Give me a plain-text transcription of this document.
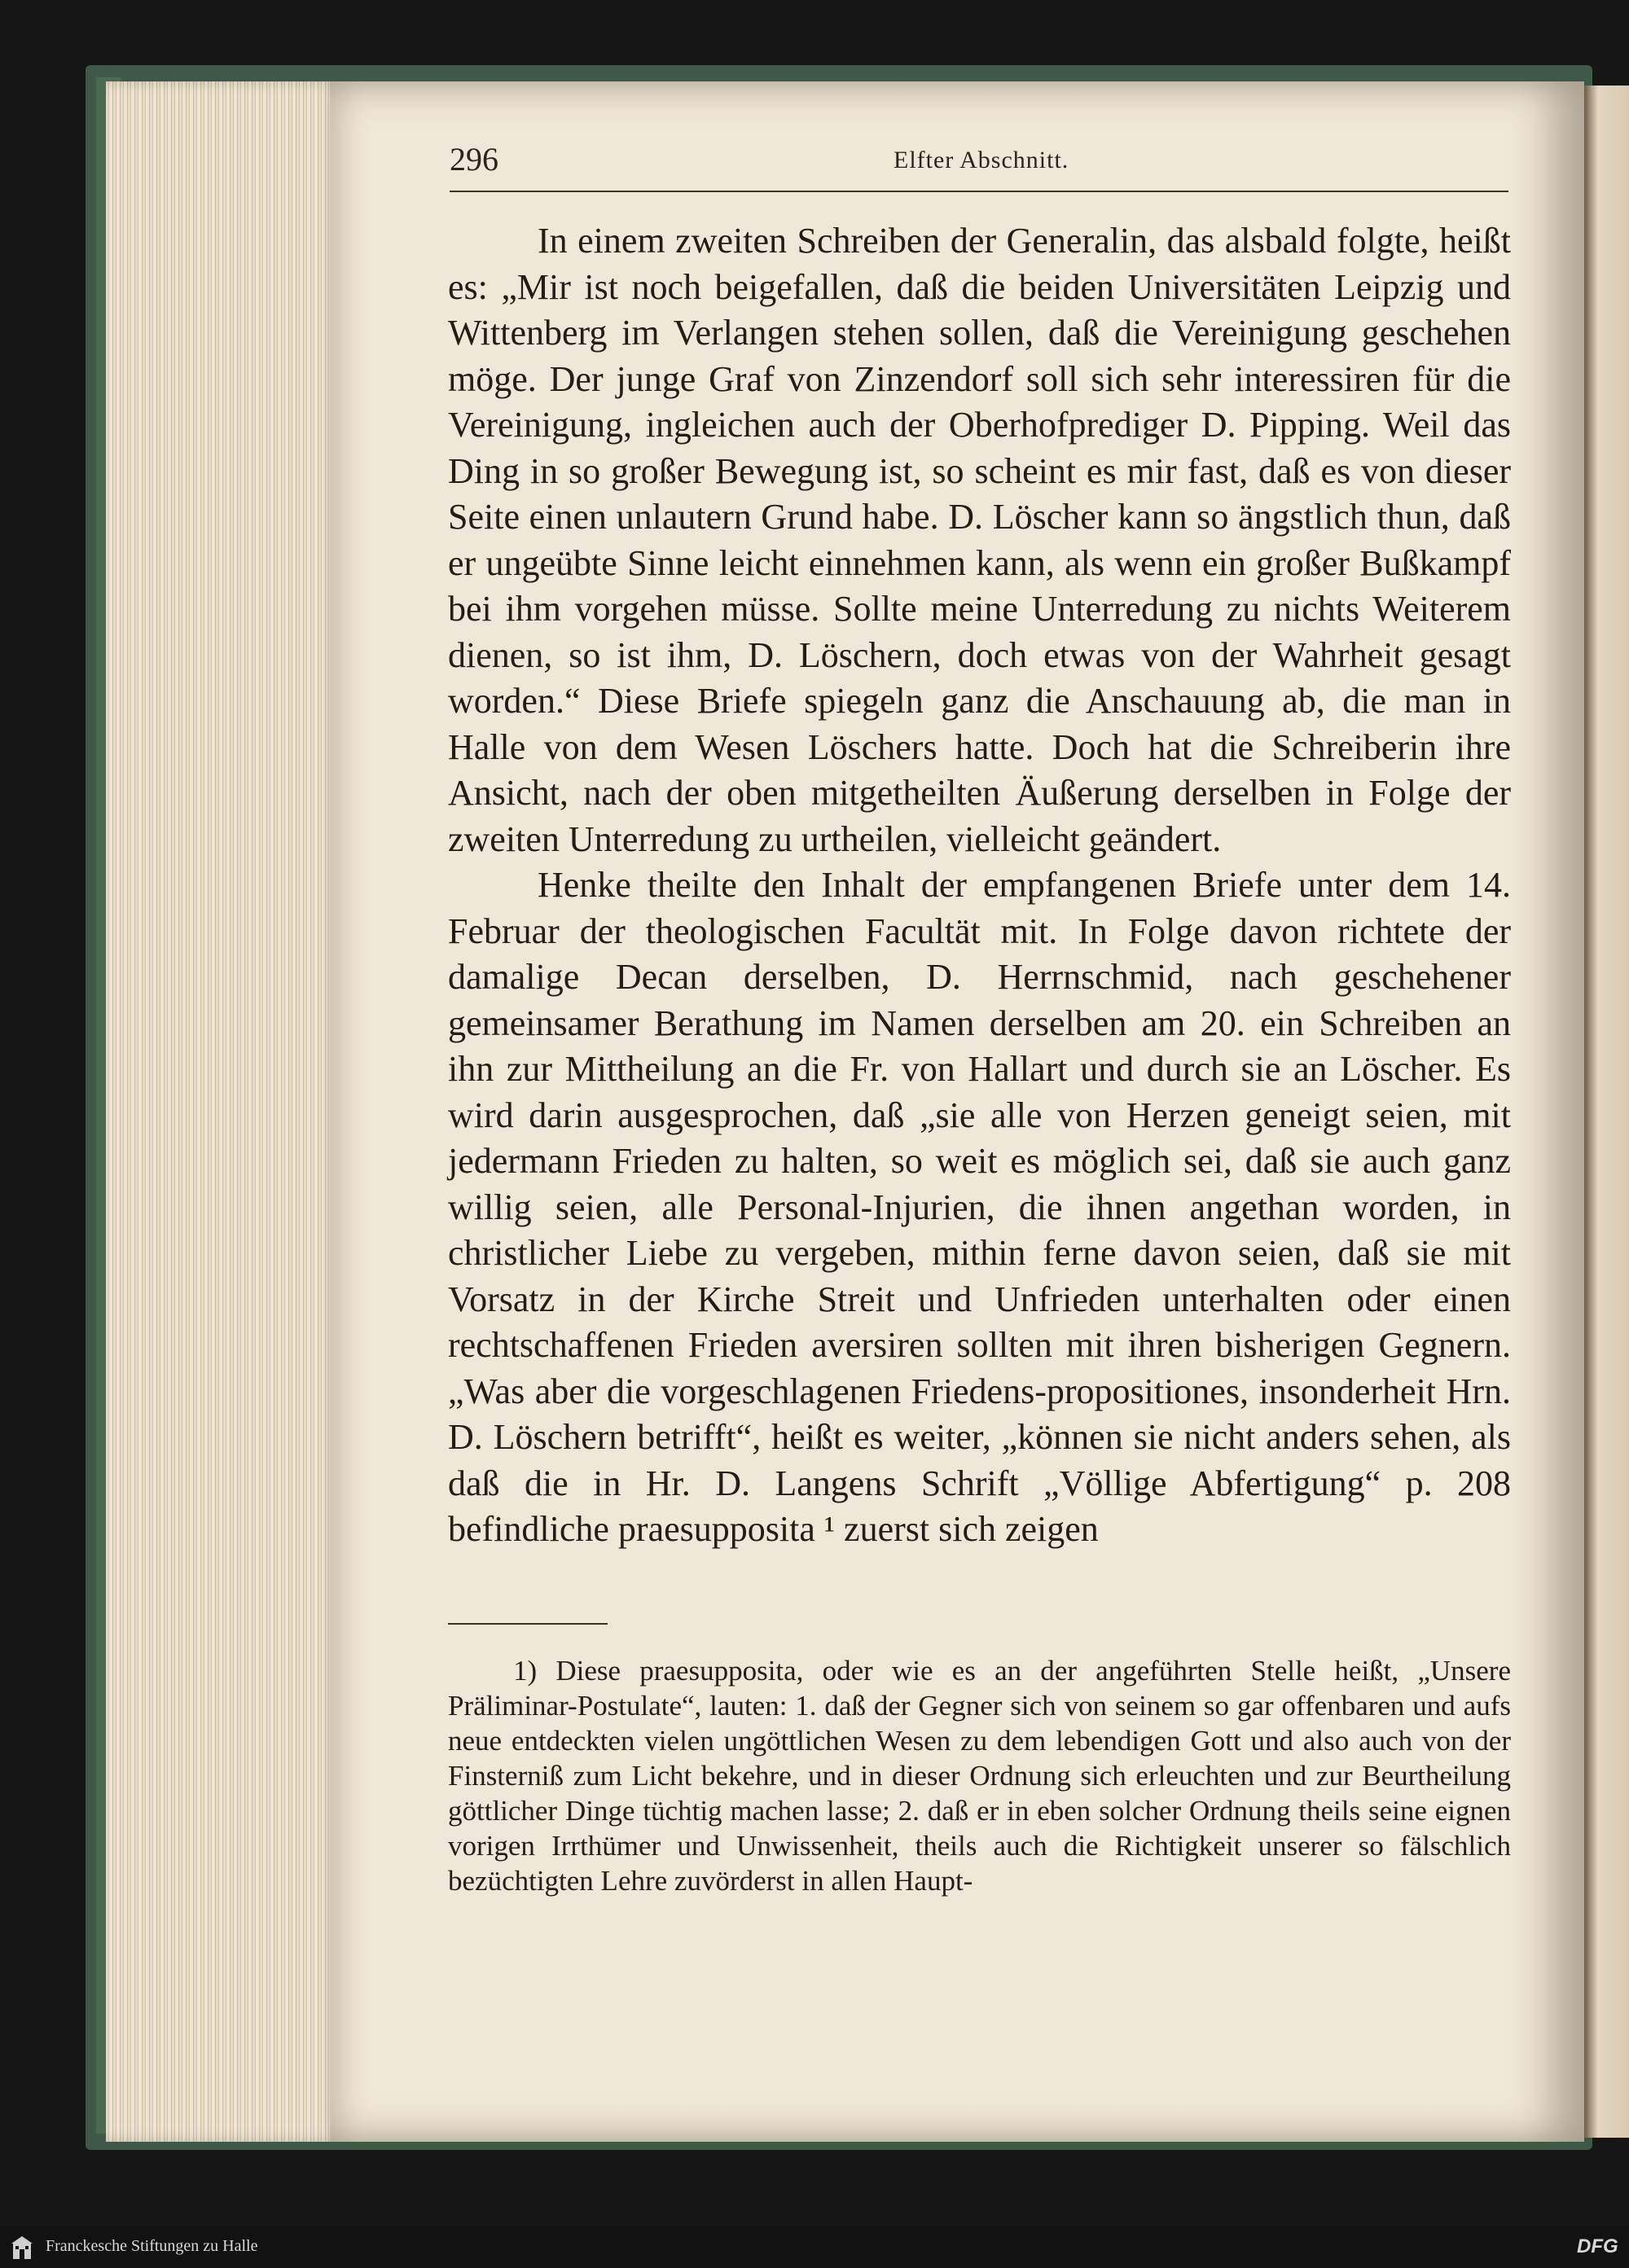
296	Elfter Abschnitt.

In einem zweiten Schreiben der Generalin, das alsbald folgte, heißt es: „Mir ist noch beigefallen, daß die beiden Universitäten Leipzig und Wittenberg im Verlangen stehen sollen, daß die Vereinigung geschehen möge. Der junge Graf von Zinzendorf soll sich sehr interessiren für die Vereinigung, ingleichen auch der Oberhofprediger D. Pipping. Weil das Ding in so großer Bewegung ist, so scheint es mir fast, daß es von dieser Seite einen unlautern Grund habe. D. Löscher kann so ängstlich thun, daß er ungeübte Sinne leicht einnehmen kann, als wenn ein großer Bußkampf bei ihm vorgehen müsse. Sollte meine Unterredung zu nichts Weiterem dienen, so ist ihm, D. Löschern, doch etwas von der Wahrheit gesagt worden.“ Diese Briefe spiegeln ganz die Anschauung ab, die man in Halle von dem Wesen Löschers hatte. Doch hat die Schreiberin ihre Ansicht, nach der oben mitgetheilten Äußerung derselben in Folge der zweiten Unterredung zu urtheilen, vielleicht geändert.

Henke theilte den Inhalt der empfangenen Briefe unter dem 14. Februar der theologischen Facultät mit. In Folge davon richtete der damalige Decan derselben, D. Herrnschmid, nach geschehener gemeinsamer Berathung im Namen derselben am 20. ein Schreiben an ihn zur Mittheilung an die Fr. von Hallart und durch sie an Löscher. Es wird darin ausgesprochen, daß „sie alle von Herzen geneigt seien, mit jedermann Frieden zu halten, so weit es möglich sei, daß sie auch ganz willig seien, alle Personal-Injurien, die ihnen angethan worden, in christlicher Liebe zu vergeben, mithin ferne davon seien, daß sie mit Vorsatz in der Kirche Streit und Unfrieden unterhalten oder einen rechtschaffenen Frieden aversiren sollten mit ihren bisherigen Gegnern. „Was aber die vorgeschlagenen Friedens-propositiones, insonderheit Hrn. D. Löschern betrifft“, heißt es weiter, „können sie nicht anders sehen, als daß die in Hr. D. Langens Schrift „Völlige Abfertigung“ p. 208 befindliche praesupposita ¹ zuerst sich zeigen

1) Diese praesupposita, oder wie es an der angeführten Stelle heißt, „Unsere Präliminar-Postulate“, lauten: 1. daß der Gegner sich von seinem so gar offenbaren und aufs neue entdeckten vielen ungöttlichen Wesen zu dem lebendigen Gott und also auch von der Finsterniß zum Licht bekehre, und in dieser Ordnung sich erleuchten und zur Beurtheilung göttlicher Dinge tüchtig machen lasse; 2. daß er in eben solcher Ordnung theils seine eignen vorigen Irrthümer und Unwissenheit, theils auch die Richtigkeit unserer so fälschlich bezüchtigten Lehre zuvörderst in allen Haupt-

Franckesche Stiftungen zu Halle	DFG
